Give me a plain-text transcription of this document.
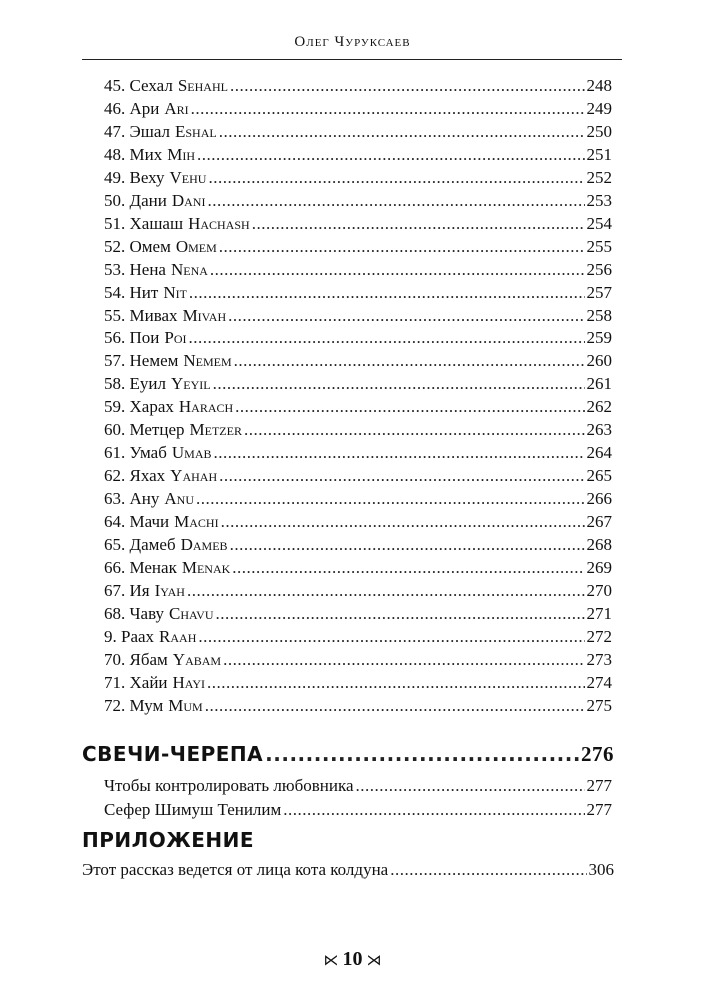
Олег Чуруксаев
45. Сехал Sehahl .....	248
46. Ари Ari .....	249
47. Эшал Eshal .....	250
48. Мих Mih .....	251
49. Веху Vehu .....	252
50. Дани Dani .....	253
51. Хашаш Hachash .....	254
52. Омем Omem .....	255
53. Нена Nena .....	256
54. Нит Nit .....	257
55. Мивах Mivah .....	258
56. Пои Poi .....	259
57. Немем Nemem .....	260
58. Еуил Yeyil .....	261
59. Харах Harach .....	262
60. Метцер Metzer .....	263
61. Умаб Umab .....	264
62. Яхах Yahah .....	265
63. Ану Anu .....	266
64. Мачи Machi .....	267
65. Дамеб Dameb .....	268
66. Менак Menak .....	269
67. Ия Iyah .....	270
68. Чаву Chavu .....	271
9. Раах Raah .....	272
70. Ябам Yabam .....	273
71. Хайи Hayi .....	274
72. Мум Mum .....	275
СВЕЧИ-ЧЕРЕПА .....	276
Чтобы контролировать любовника .....	277
Сефер Шимуш Тенилим .....	277
ПРИЛОЖЕНИЕ
Этот рассказ ведется от лица кота колдуна .....	306
⋉ 10 ⋊
